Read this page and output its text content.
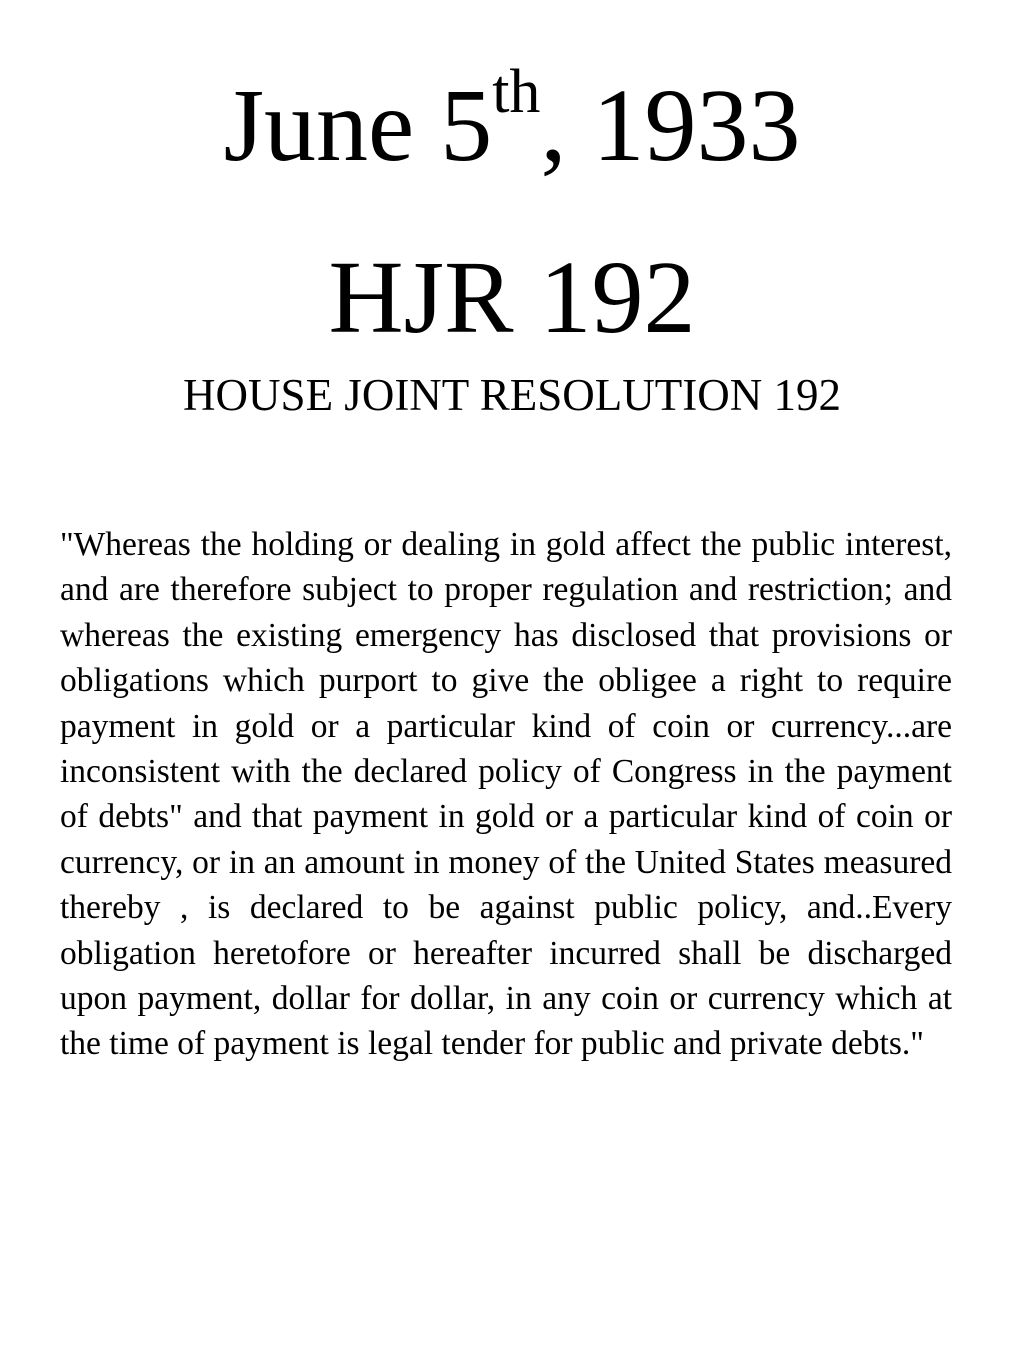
June 5th, 1933
HJR 192
HOUSE JOINT RESOLUTION 192

"Whereas the holding or dealing in gold affect the public interest, and are therefore subject to proper regulation and restriction; and whereas the existing emergency has disclosed that provisions or obligations which purport to give the obligee a right to require payment in gold or a particular kind of coin or currency...are inconsistent with the declared policy of Congress in the payment of debts" and that payment in gold or a particular kind of coin or currency, or in an amount in money of the United States measured thereby , is declared to be against public policy, and..Every obligation heretofore or hereafter incurred shall be discharged upon payment, dollar for dollar, in any coin or currency which at the time of payment is legal tender for public and private debts."
